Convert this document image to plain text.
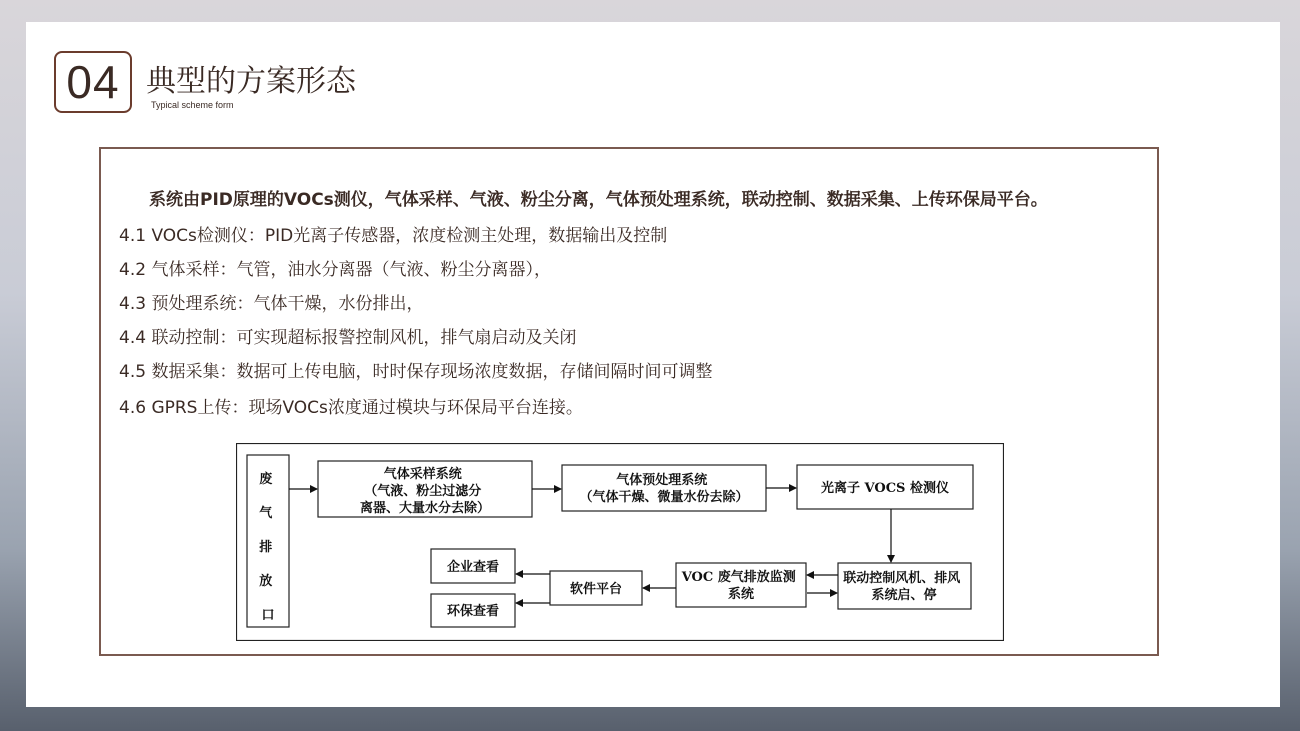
04 典型的方案形态
Typical scheme form
系统由PID原理的VOCs测仪，气体采样、气液、粉尘分离，气体预处理系统，联动控制、数据采集、上传环保局平台。
4.1 VOCs检测仪：PID光离子传感器，浓度检测主处理，数据输出及控制
4.2 气体采样：气管，油水分离器（气液、粉尘分离器），
4.3 预处理系统：气体干燥，水份排出，
4.4 联动控制：可实现超标报警控制风机，排气扇启动及关闭
4.5 数据采集：数据可上传电脑，时时保存现场浓度数据，存储间隔时间可调整
4.6 GPRS上传：现场VOCs浓度通过模块与环保局平台连接。
废 气 排 放 口
气体采样系统 （气液、粉尘过滤分 离器、大量水分去除）
气体预处理系统 （气体干燥、微量水份去除）
光离子 VOCS 检测仪
联动控制风机、排风 系统启、停
VOC 废气排放监测 系统
软件平台
企业查看
环保查看
